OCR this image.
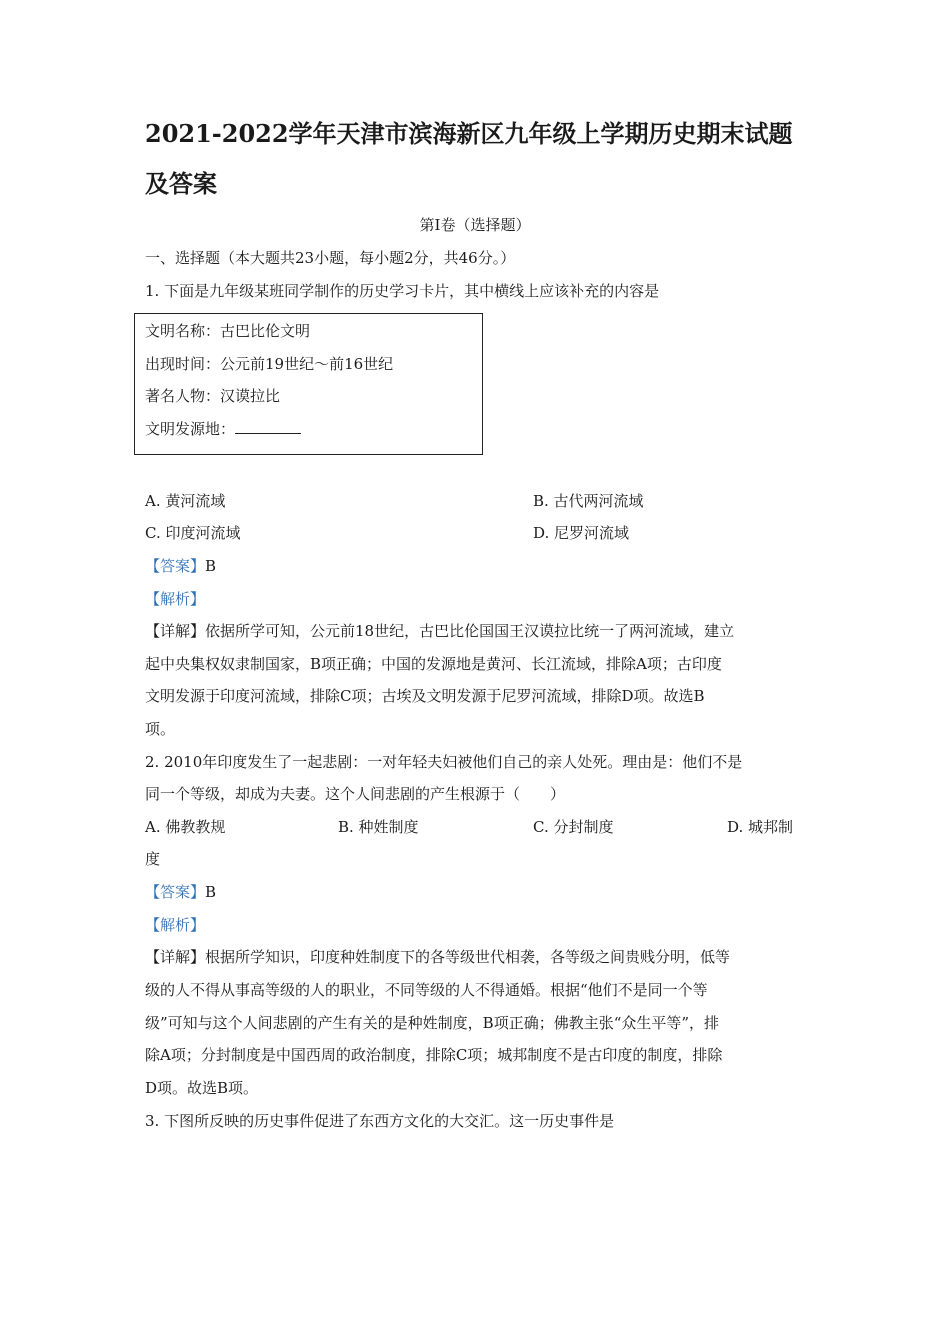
2021-2022学年天津市滨海新区九年级上学期历史期末试题
及答案
第Ⅰ卷（选择题）
一、选择题（本大题共23小题，每小题2分，共46分。）
1. 下面是九年级某班同学制作的历史学习卡片，其中横线上应该补充的内容是
文明名称：古巴比伦文明
出现时间：公元前19世纪～前16世纪
著名人物：汉谟拉比
文明发源地：
A. 黄河流域	B. 古代两河流域
C. 印度河流域	D. 尼罗河流域
【答案】B
【解析】
【详解】依据所学可知，公元前18世纪，古巴比伦国国王汉谟拉比统一了两河流域，建立
起中央集权奴隶制国家，B项正确；中国的发源地是黄河、长江流域，排除A项；古印度
文明发源于印度河流域，排除C项；古埃及文明发源于尼罗河流域，排除D项。故选B
项。
2. 2010年印度发生了一起悲剧：一对年轻夫妇被他们自己的亲人处死。理由是：他们不是
同一个等级，却成为夫妻。这个人间悲剧的产生根源于（　　）
A. 佛教教规	B. 种姓制度	C. 分封制度	D. 城邦制
度
【答案】B
【解析】
【详解】根据所学知识，印度种姓制度下的各等级世代相袭，各等级之间贵贱分明，低等
级的人不得从事高等级的人的职业，不同等级的人不得通婚。根据“他们不是同一个等
级”可知与这个人间悲剧的产生有关的是种姓制度，B项正确；佛教主张“众生平等”，排
除A项；分封制度是中国西周的政治制度，排除C项；城邦制度不是古印度的制度，排除
D项。故选B项。
3. 下图所反映的历史事件促进了东西方文化的大交汇。这一历史事件是
